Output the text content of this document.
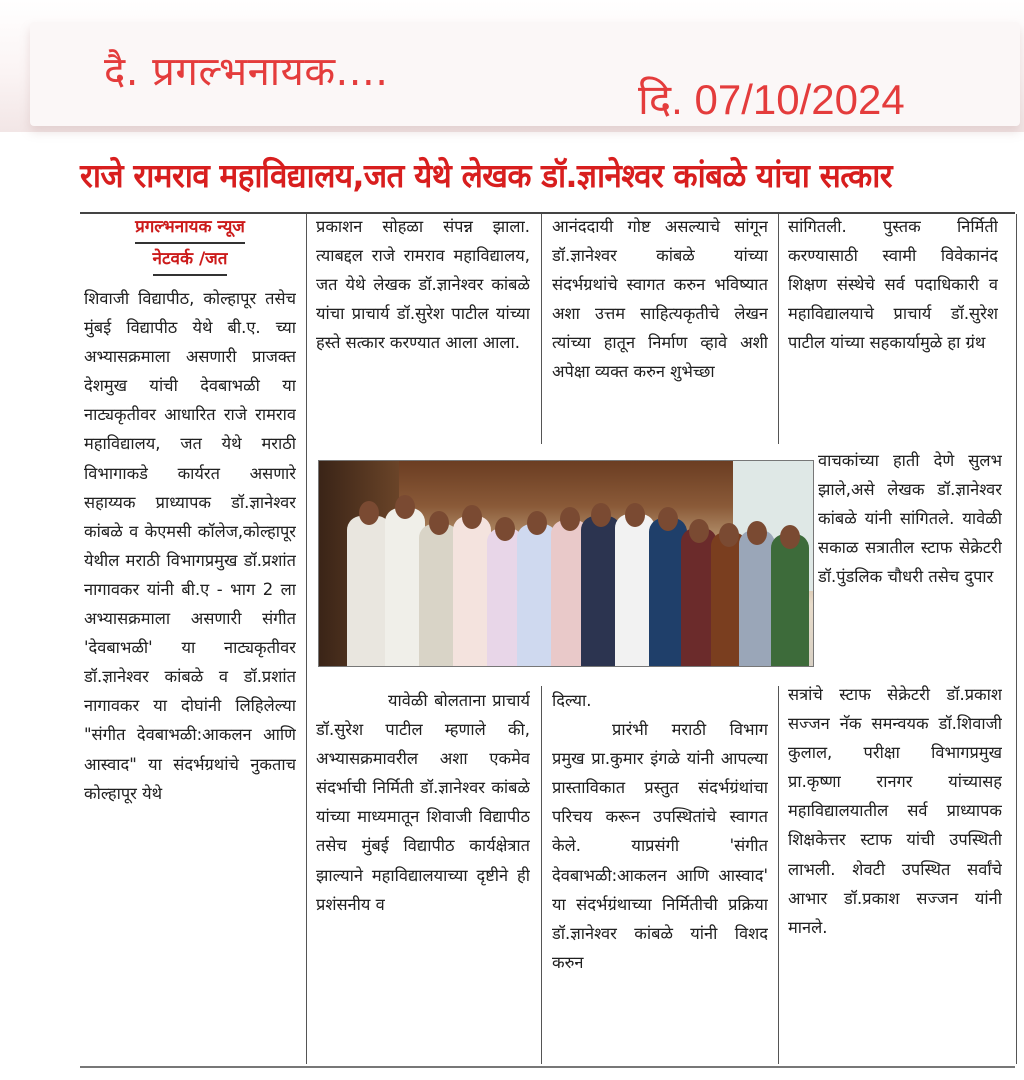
दै. प्रगल्भनायक....
दि. 07/10/2024
राजे रामराव महाविद्यालय,जत येथे लेखक डॉ.ज्ञानेश्वर कांबळे यांचा सत्कार
प्रगल्भनायक न्यूज
नेटवर्क /जत

शिवाजी विद्यापीठ, कोल्हापूर तसेच मुंबई विद्यापीठ येथे बी.ए. च्या अभ्यासक्रमाला असणारी प्राजक्त देशमुख यांची देवबाभळी या नाट्यकृतीवर आधारित राजे रामराव महाविद्यालय, जत येथे मराठी विभागाकडे कार्यरत असणारे सहाय्यक प्राध्यापक डॉ.ज्ञानेश्वर कांबळे व केएमसी कॉलेज,कोल्हापूर येथील मराठी विभागप्रमुख डॉ.प्रशांत नागावकर यांनी बी.ए - भाग 2 ला अभ्यासक्रमाला असणारी संगीत 'देवबाभळी' या नाट्यकृतीवर डॉ.ज्ञानेश्वर कांबळे व डॉ.प्रशांत नागावकर या दोघांनी लिहिलेल्या "संगीत देवबाभळी:आकलन आणि आस्वाद" या संदर्भग्रथांचे नुकताच कोल्हापूर येथे

प्रकाशन सोहळा संपन्न झाला. त्याबद्दल राजे रामराव महाविद्यालय, जत येथे लेखक डॉ.ज्ञानेश्वर कांबळे यांचा प्राचार्य डॉ.सुरेश पाटील यांच्या हस्ते सत्कार करण्यात आला आला.

आनंददायी गोष्ट असल्याचे सांगून डॉ.ज्ञानेश्वर कांबळे यांच्या संदर्भग्रथांचे स्वागत करुन भविष्यात अशा उत्तम साहित्यकृतीचे लेखन त्यांच्या हातून निर्माण व्हावे अशी अपेक्षा व्यक्त करुन शुभेच्छा

सांगितली. पुस्तक निर्मिती करण्यासाठी स्वामी विवेकानंद शिक्षण संस्थेचे सर्व पदाधिकारी व महाविद्यालयाचे प्राचार्य डॉ.सुरेश पाटील यांच्या सहकार्यामुळे हा ग्रंथ

वाचकांच्या हाती देणे सुलभ झाले,असे लेखक डॉ.ज्ञानेश्वर कांबळे यांनी सांगितले. यावेळी सकाळ सत्रातील स्टाफ सेक्रेटरी डॉ.पुंडलिक चौधरी तसेच दुपार

सत्रांचे स्टाफ सेक्रेटरी डॉ.प्रकाश सज्जन नॅक समन्वयक डॉ.शिवाजी कुलाल, परीक्षा विभागप्रमुख प्रा.कृष्णा रानगर यांच्यासह महाविद्यालयातील सर्व प्राध्यापक शिक्षकेत्तर स्टाफ यांची उपस्थिती लाभली. शेवटी उपस्थित सर्वांचे आभार डॉ.प्रकाश सज्जन यांनी मानले.

यावेळी बोलताना प्राचार्य डॉ.सुरेश पाटील म्हणाले की, अभ्यासक्रमावरील अशा एकमेव संदर्भाची निर्मिती डॉ.ज्ञानेश्वर कांबळे यांच्या माध्यमातून शिवाजी विद्यापीठ तसेच मुंबई विद्यापीठ कार्यक्षेत्रात झाल्याने महाविद्यालयाच्या दृष्टीने ही प्रशंसनीय व

दिल्या.

प्रारंभी मराठी विभाग प्रमुख प्रा.कुमार इंगळे यांनी आपल्या प्रास्ताविकात प्रस्तुत संदर्भग्रंथांचा परिचय करून उपस्थितांचे स्वागत केले. याप्रसंगी 'संगीत देवबाभळी:आकलन आणि आस्वाद' या संदर्भग्रंथाच्या निर्मितीची प्रक्रिया डॉ.ज्ञानेश्वर कांबळे यांनी विशद करुन
